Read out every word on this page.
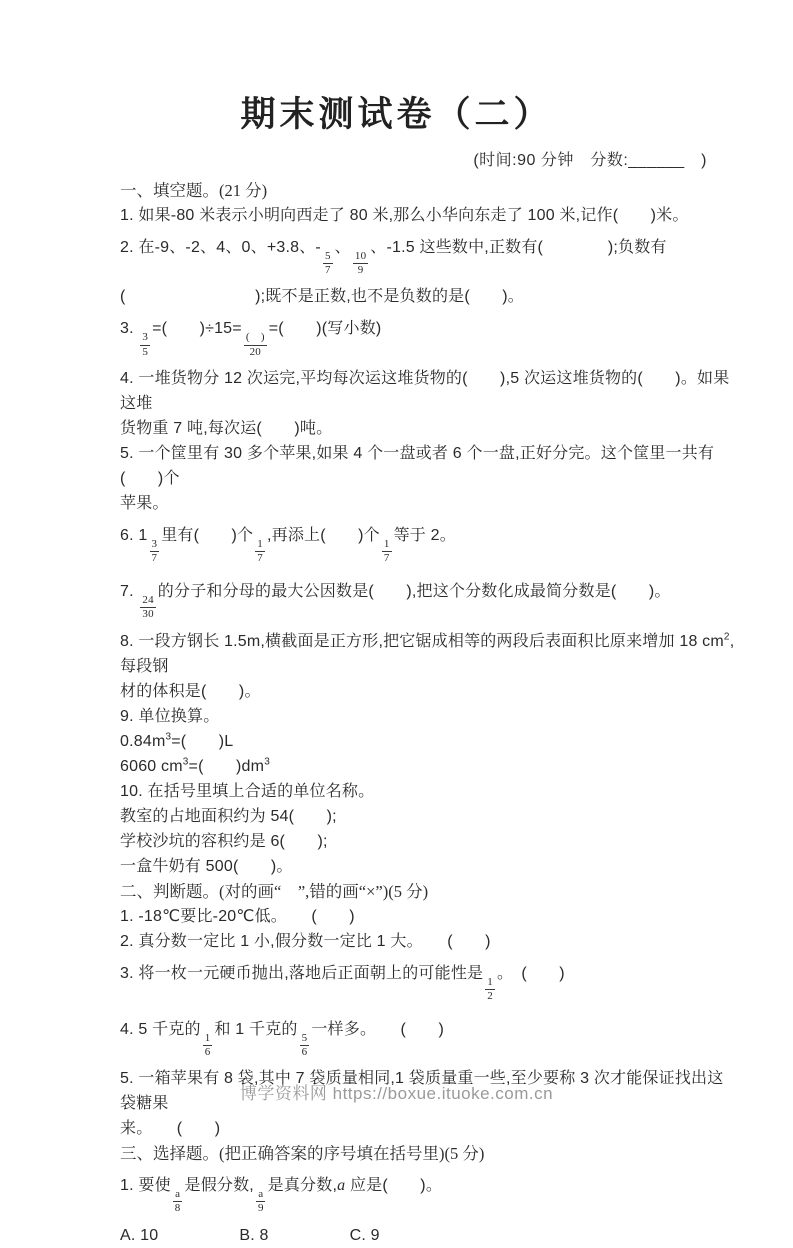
期末测试卷（二）
(时间:90 分钟　分数:______　)
一、填空题。(21 分)
1. 如果-80 米表示小明向西走了 80 米,那么小华向东走了 100 米,记作(　　)米。
2. 在-9、-2、4、0、+3.8、-
$\frac{5}{7}$
、
$\frac{10}{9}$
、-1.5 这些数中,正数有(　　　　);负数有
(　　　　　　　　);既不是正数,也不是负数的是(　　)。
3.
$\frac{3}{5}$
=(　　)÷15=
$\frac{( )}{20}$
=(　　)(写小数)
4. 一堆货物分 12 次运完,平均每次运这堆货物的(　　),5 次运这堆货物的(　　)。如果这堆
货物重 7 吨,每次运(　　)吨。
5. 一个筐里有 30 多个苹果,如果 4 个一盘或者 6 个一盘,正好分完。这个筐里一共有(　　)个
苹果。
6. 1
$\frac{3}{7}$
里有(　　)个
$\frac{1}{7}$
,再添上(　　)个
$\frac{1}{7}$
等于 2。
7.
$\frac{24}{30}$
的分子和分母的最大公因数是(　　),把这个分数化成最简分数是(　　)。
8. 一段方钢长 1.5m,横截面是正方形,把它锯成相等的两段后表面积比原来增加 18 $cm^2$,每段钢
材的体积是(　　)。
9. 单位换算。
$0.84m^3=$(　　)L
6060 $cm^3=$(　　)$dm^3$
10. 在括号里填上合适的单位名称。
教室的占地面积约为 54(　　);
学校沙坑的容积约是 6(　　);
一盒牛奶有 500(　　)。
二、判断题。(对的画“　”,错的画“×”)(5 分)
1. -18℃要比-20℃低。　　(　　)
2. 真分数一定比 1 小,假分数一定比 1 大。　　(　　)
3. 将一枚一元硬币抛出,落地后正面朝上的可能性是
$\frac{1}{2}$
。　(　　)
4. 5 千克的
$\frac{1}{6}$
和 1 千克的
$\frac{5}{6}$
一样多。　　(　　)
5. 一箱苹果有 8 袋,其中 7 袋质量相同,1 袋质量重一些,至少要称 3 次才能保证找出这袋糖果
来。　　(　　)
三、选择题。(把正确答案的序号填在括号里)(5 分)
1. 要使
$\frac{a}{8}$
是假分数,
$\frac{a}{9}$
是真分数,a 应是(　　)。
A. 10　　　　　B. 8　　　　　C. 9
博学资料网 https://boxue.ituoke.com.cn
